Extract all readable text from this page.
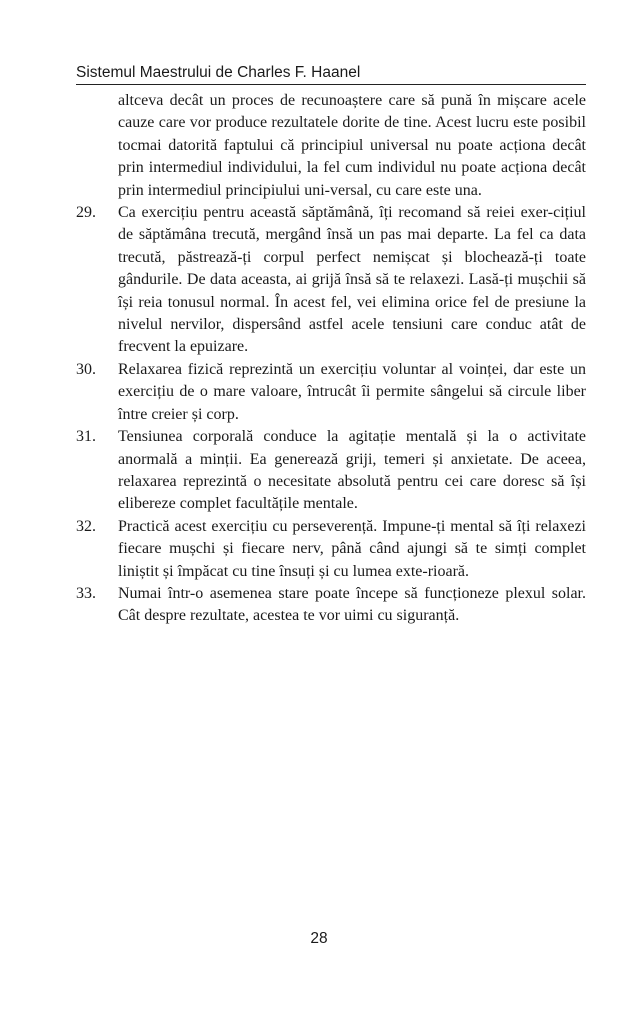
Sistemul Maestrului de Charles F. Haanel
altceva decât un proces de recunoaștere care să pună în mișcare acele cauze care vor produce rezultatele dorite de tine. Acest lucru este posibil tocmai datorită faptului că principiul universal nu poate acționa decât prin intermediul individului, la fel cum individul nu poate acționa decât prin intermediul principiului uni-versal, cu care este una.
29.	Ca exercițiu pentru această săptămână, îți recomand să reiei exer-cițiul de săptămâna trecută, mergând însă un pas mai departe. La fel ca data trecută, păstrează-ți corpul perfect nemișcat și blochează-ți toate gândurile. De data aceasta, ai grijă însă să te relaxezi. Lasă-ți mușchii să își reia tonusul normal. În acest fel, vei elimina orice fel de presiune la nivelul nervilor, dispersând astfel acele tensiuni care conduc atât de frecvent la epuizare.
30.	Relaxarea fizică reprezintă un exercițiu voluntar al voinței, dar este un exercițiu de o mare valoare, întrucât îi permite sângelui să circule liber între creier și corp.
31.	Tensiunea corporală conduce la agitație mentală și la o activitate anormală a minții. Ea generează griji, temeri și anxietate. De aceea, relaxarea reprezintă o necesitate absolută pentru cei care doresc să își elibereze complet facultățile mentale.
32.	Practică acest exercițiu cu perseverență. Impune-ți mental să îți relaxezi fiecare mușchi și fiecare nerv, până când ajungi să te simți complet liniștit și împăcat cu tine însuți și cu lumea exte-rioară.
33.	Numai într-o asemenea stare poate începe să funcționeze plexul solar. Cât despre rezultate, acestea te vor uimi cu siguranță.
28
